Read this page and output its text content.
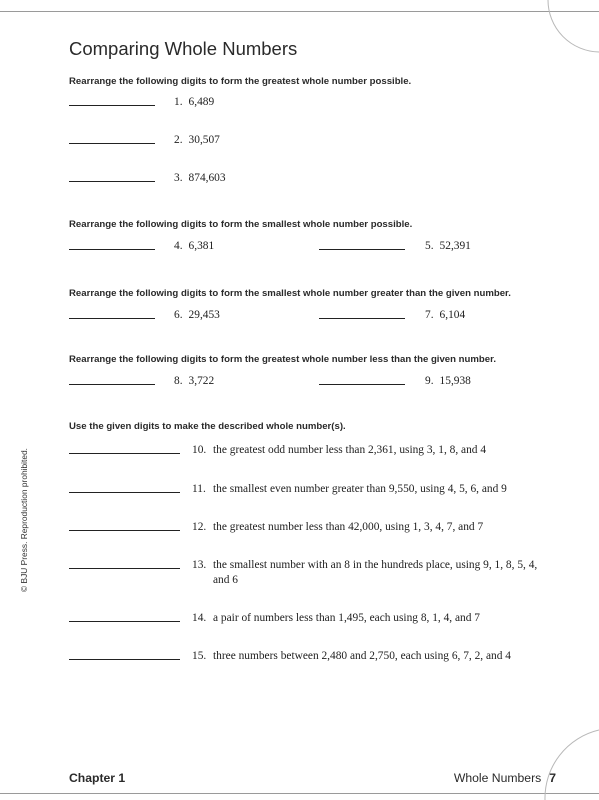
Comparing Whole Numbers

Rearrange the following digits to form the greatest whole number possible.

1. 6,489
2. 30,507
3. 874,603

Rearrange the following digits to form the smallest whole number possible.

4. 6,381	5. 52,391

Rearrange the following digits to form the smallest whole number greater than the given number.

6. 29,453	7. 6,104

Rearrange the following digits to form the greatest whole number less than the given number.

8. 3,722	9. 15,938

Use the given digits to make the described whole number(s).

10. the greatest odd number less than 2,361, using 3, 1, 8, and 4
11. the smallest even number greater than 9,550, using 4, 5, 6, and 9
12. the greatest number less than 42,000, using 1, 3, 4, 7, and 7
13. the smallest number with an 8 in the hundreds place, using 9, 1, 8, 5, 4, and 6
14. a pair of numbers less than 1,495, each using 8, 1, 4, and 7
15. three numbers between 2,480 and 2,750, each using 6, 7, 2, and 4
© BJU Press. Reproduction prohibited.
Chapter 1	Whole Numbers 7
